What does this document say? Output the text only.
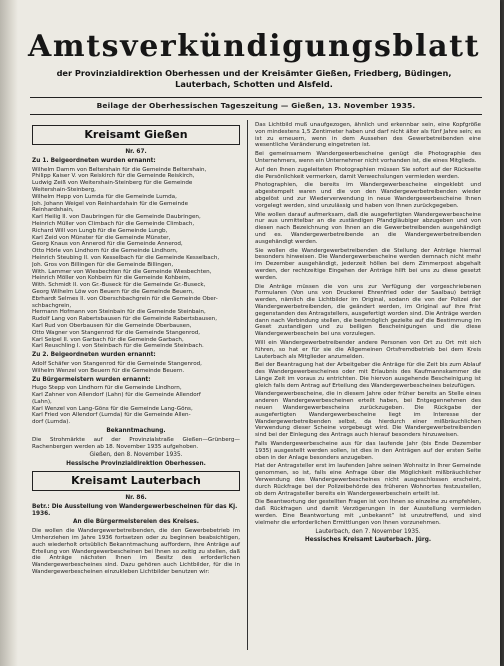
Amtsverkündigungsblatt
der Provinzialdirektion Oberhessen und der Kreisämter Gießen, Friedberg, Büdingen, Lauterbach, Schotten und Alsfeld.
Beilage der Oberhessischen Tageszeitung — Gießen, 13. November 1935.
Kreisamt Gießen
Nr. 67.
Zu 1. Beigeordneten wurden ernannt:
Wilhelm Damm von Beltershain für die Gemeinde Beltershain,
Philipp Kaiser V. von Reiskirch für die Gemeinde Reiskirch,
Ludwig Zeiß von Weitershain-Steinberg für die Gemeinde
Weitershain-Steinberg,
Wilhelm Hepp von Lumda für die Gemeinde Lumda,
Joh. Johann Weigel von Reinhardshain für die Gemeinde
Reinhardshain,
Karl Heilig II. von Daubringen für die Gemeinde Daubringen,
Heinrich Müller von Climbach für die Gemeinde Climbach,
Richard Will von Lungb für die Gemeinde Lungb,
Karl Zeid von Münster für die Gemeinde Münster,
Georg Knaus von Annerod für die Gemeinde Annerod,
Otto Hörle von Lindhorn für die Gemeinde Lindhorn,
Heinrich Steubing II. von Kesselbach für die Gemeinde Kesselbach,
Joh. Gros von Billingen für die Gemeinde Billingen,
With. Lammer von Wiesbechten für die Gemeinde Wiesbechten,
Heinrich Möller von Kohbeim für die Gemeinde Kohbeim,
With. Schmidt II. von Gr.-Buseck für die Gemeinde Gr.-Buseck,
Georg Wilhelm Löw von Beuern für die Gemeinde Beuern,
Ebrhardt Selmes II. von Oberschbachgrein für die Gemeinde Ober-
schbachgrein,
Hermann Hofmann von Steinbain für die Gemeinde Steinbain,
Rudolf Lang von Rabertsbausen für die Gemeinde Rabertsbausen,
Karl Rud von Oberbausen für die Gemeinde Oberbausen,
Otto Wagner von Stangenrod für die Gemeinde Stangenrod,
Karl Seipel II. von Garbach für die Gemeinde Garbach,
Karl Reuschling I. von Steinbach für die Gemeinde Steinbach.
Zu 2. Beigeordneten wurden ernannt:
Adolf Schäfer von Stangenrod für die Gemeinde Stangenrod,
Wilhelm Wenzel von Beuern für die Gemeinde Beuern.
Zu Bürgermeistern wurden ernannt:
Hugo Stepp von Lindhorn für die Gemeinde Lindhorn,
Karl Zahner von Allendorf (Lahn) für die Gemeinde Allendorf
(Lahn),
Karl Wenzel von Lang-Göns für die Gemeinde Lang-Göns,
Karl Fried von Allendorf (Lumda) für die Gemeinde Allen-
dorf (Lumda).
Bekanntmachung.
Die Strohmärkte auf der Provinzialstraße Gießen—Grünberg—Rachenbergen werden ab 18. November 1935 aufgehoben.
Gießen, den 8. November 1935.
Hessische Provinzialdirektion Oberhessen.
Kreisamt Lauterbach
Nr. 86.
Betr.: Die Ausstellung von Wandergewerbescheinen für das Kj. 1936.
An die Bürgermeistereien des Kreises.
Die wollen die Wandergewerbetreibenden, die den Gewerbebetrieb im Umherziehen im Jahre 1936 fortsetzen oder zu beginnen beabsichtigen, auch wiederholt ortsüblich Bekanntmachung auffordern, ihre Anträge auf Erteilung von Wandergewerbescheinen bei Ihnen so zeitig zu stellen, daß die Anträge nächsten Ihnen im Besitz des erforderlichen Wandergewerbescheines sind. Dazu gehören auch Lichtbilder, für die in Wandergewerbescheinen einzukleben Lichtbilder benutzen wir:
Das Lichtbild muß unaufgezogen, ähnlich und erkennbar sein, eine Kopfgröße von mindestens 1,5 Zentimeter haben und darf nicht älter als fünf Jahre sein; es ist zu erneuern, wenn in dem Aussehen des Gewerbetreibenden eine wesentliche Veränderung eingetreten ist.
Bei gemeinsamem Wandergewerbescheine genügt die Photographie des Unternehmers, wenn ein Unternehmer nicht vorhanden ist, die eines Mitglieds.
Auf den Ihnen zugeleiteten Photographien müssen Sie sofort auf der Rückseite die Persönlichkeit vermerken, damit Verwechslungen vermieden werden.
Photographien, die bereits im Wandergewerbescheine eingeklebt und abgestempelt waren und die von den Wandergewerbetreibenden wieder abgelöst und zur Wiederverwendung in neue Wandergewerbescheine Ihnen vorgelegt werden, sind unzulässig und haben von Ihnen zurückgegeben.
Wie wollen darauf aufmerksam, daß die ausgefertigten Wandergewerbescheine nur aus unmittelbar an die zuständigen Pfandgläubiger abzugeben und von diesen nach Bezeichnung von Ihnen an die Gewerbetreibenden ausgehändigt und es. Wandergewerbetreibende an die Wandergewerbetreibenden ausgehändigt werden.
Sie wollen die Wandergewerbetreibenden die Stellung der Anträge hiermal besonders hinweisen. Die Wandergewerbescheine werden demnach nicht mehr im Dezember ausgehändigt, jederzeit höllen bei dem Zimmerpost abgehalt werden, der rechtzeitige Eingehen der Anträge hilft bei uns zu diese gesetzt werden.
Die Anträge müssen die von uns zur Verfügung der vorgeschriebenen Formularen (Von uns von Druckerei Ehrenfried oder der Saalbau) beträgt werden, nämlich die Lichtbilder im Original, sodann die von der Polizei der Wandergewerbetreibenden, die geändert werden, im Original auf ihre Frist gegenstanden des Antragstellers, ausgefertigt worden sind. Die Anträge werden dann nach Verbindung stellen, die bestmöglich gezielte auf die Bestimmung im Geset zustandigen und zu beiligen Bescheinigungen und die diese Wandergewerbeschein bei uns vorzulegen.
Will ein Wandergewerbetreibender andere Personen von Ort zu Ort mit sich führen, so hat er für sie die Allgemeinen Ortsfremdbetrieb bei dem Kreis Lauterbach als Mitglieder anzumelden.
Bei der Beantragung hat der Arbeitgeber die Anträge für die Zeit bis zum Ablauf des Wandergewerbescheines oder mit Erlaubnis des Kaufmannskammer die Länge Zeit im voraus zu entrichten. Die hiervon ausgehende Bescheinigung ist gleich falls dem Antrag auf Erteilung des Wandergewerbescheines beizufügen.
Wandergewerbescheine, die in diesem Jahre oder früher bereits an Stelle eines anderen Wandergewerbescheinen erteilt haben, bei Entgegennehmen des neuen Wandergewerbescheins zurückzugeben. Die Rückgabe der ausgefertigten Wandergewerbescheine liegt im Interesse der Wandergewerbetreibenden selbst, da hierdurch einer mißbräuchlichen Verwendung dieser Scheine vorgebeugt wird. Die Wandergewerbetreibenden sind bei der Einlegung des Antrags auch hierauf besonders hinzuweisen.
Falls Wandergewerbescheine aus für das laufende Jahr (bis Ende Dezember 1935) ausgestellt werden sollen, ist dies in den Anträgen auf der ersten Seite oben in der Anlage besonders anzugeben.
Hat der Antragsteller erst im laufenden Jahre seinen Wohnsitz in Ihrer Gemeinde genommen, so ist, falls eine Anfrage über die Möglichkeit mißbräuchlicher Verwendung des Wandergewerbescheines nicht ausgeschlossen erscheint, durch Rückfrage bei der Polizeibehörde des früheren Wohnortes festzustellen, ob dem Antragsteller bereits ein Wandergewerbeschein erteilt ist.
Die Beantwortung der gestellten Fragen ist von Ihnen so einzelne zu empfehlen, daß Rückfragen und damit Verzögerungen in der Ausstellung vermieden werden. Eine Beantwortung mit „unbekannt“ ist unzutreffend, und sind vielmehr die erforderlichen Ermittlungen von Ihnen vorzunehmen.
Lauterbach, den 7. November 1935.
Hessisches Kreisamt Lauterbach. Jürg.
